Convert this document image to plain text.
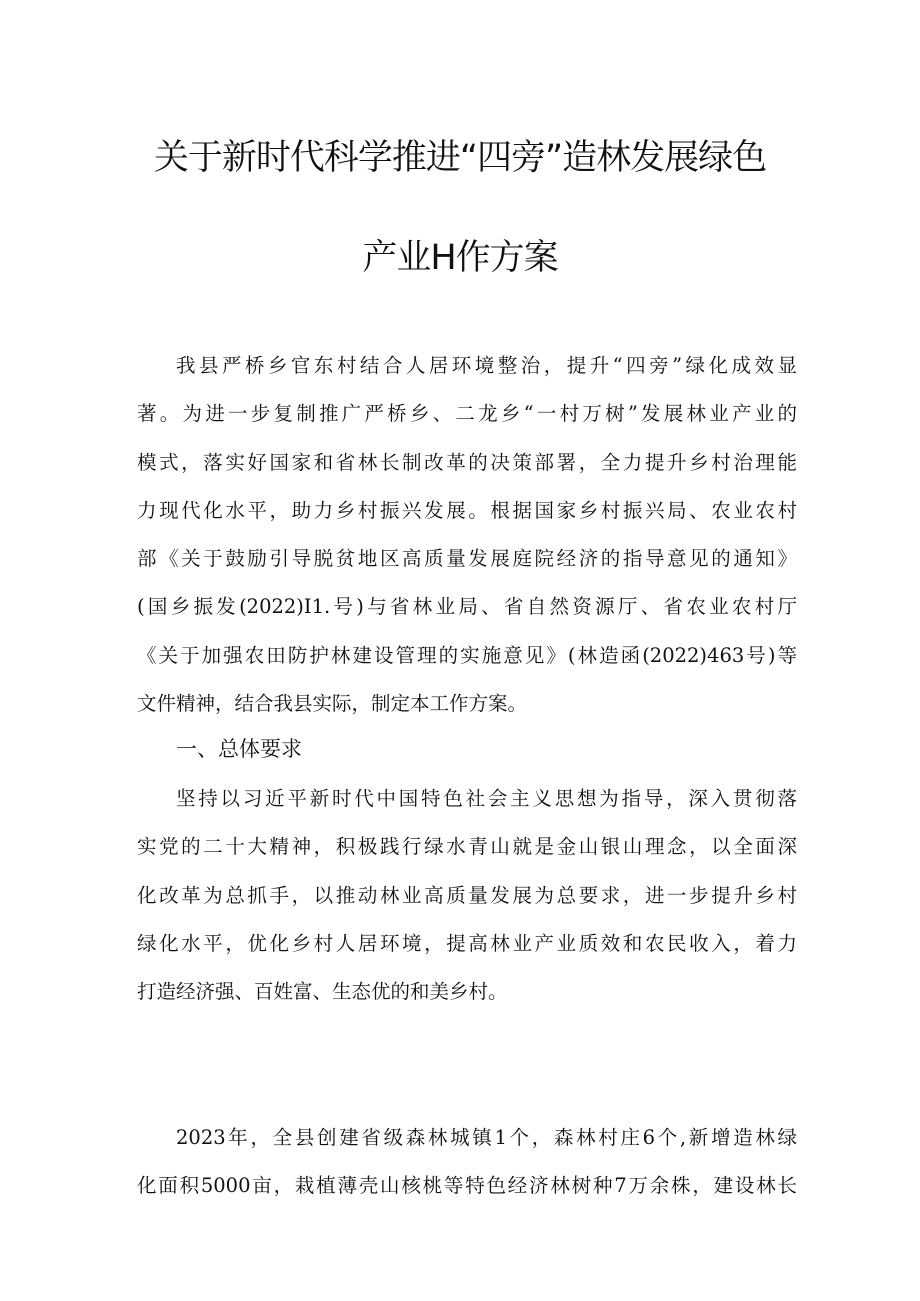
关于新时代科学推进“四旁”造林发展绿色
产业H作方案
我县严桥乡官东村结合人居环境整治，提升“四旁”绿化成效显
著。为进一步复制推广严桥乡、二龙乡“一村万树”发展林业产业的
模式，落实好国家和省林长制改革的决策部署，全力提升乡村治理能
力现代化水平，助力乡村振兴发展。根据国家乡村振兴局、农业农村
部《关于鼓励引导脱贫地区高质量发展庭院经济的指导意见的通知》
(国乡振发(2022)I1.号)与省林业局、省自然资源厅、省农业农村厅
《关于加强农田防护林建设管理的实施意见》(林造函(2022)463号)等
文件精神，结合我县实际，制定本工作方案。
一、总体要求
坚持以习近平新时代中国特色社会主义思想为指导，深入贯彻落
实党的二十大精神，积极践行绿水青山就是金山银山理念，以全面深
化改革为总抓手，以推动林业高质量发展为总要求，进一步提升乡村
绿化水平，优化乡村人居环境，提高林业产业质效和农民收入，着力
打造经济强、百姓富、生态优的和美乡村。
2023年，全县创建省级森林城镇1个，森林村庄6个,新增造林绿
化面积5000亩，栽植薄壳山核桃等特色经济林树种7万余株，建设林长
